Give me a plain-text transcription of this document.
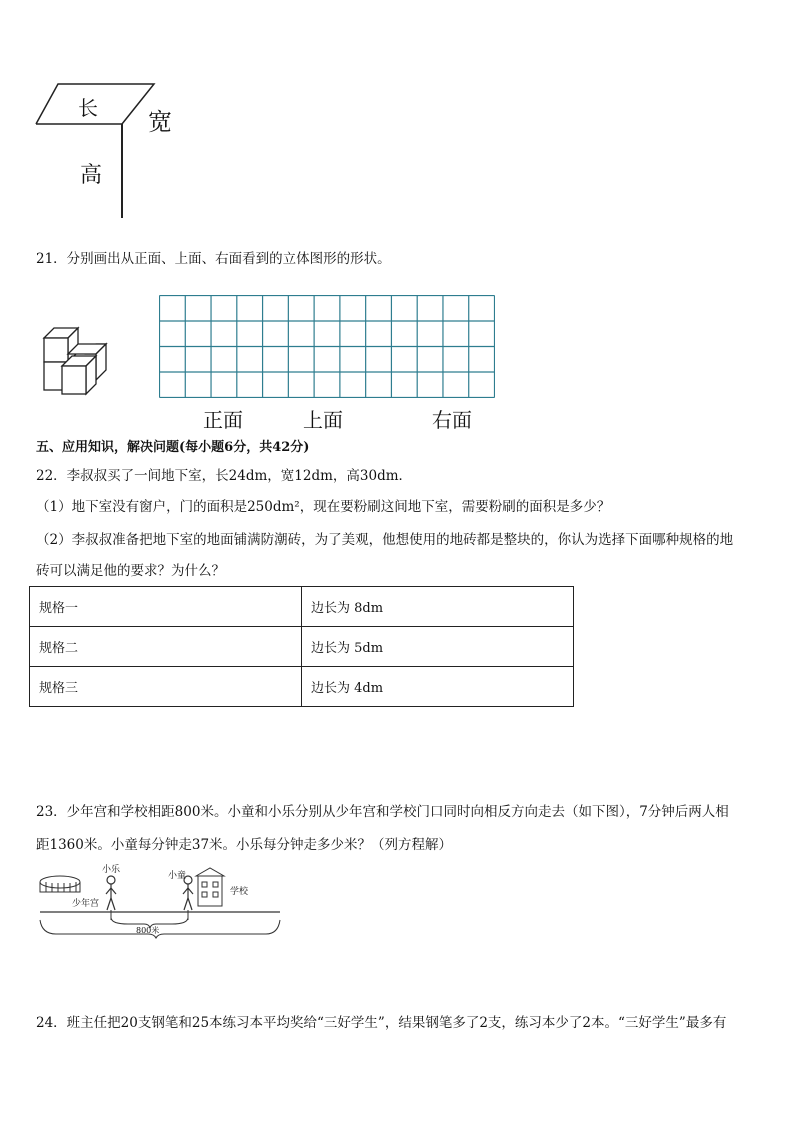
长 宽
高
21．分别画出从正面、上面、右面看到的立体图形的形状。
正面	上面	右面
五、应用知识，解决问题(每小题6分，共42分)
22．李叔叔买了一间地下室，长24dm，宽12dm，高30dm．
（1）地下室没有窗户，门的面积是250dm²，现在要粉刷这间地下室，需要粉刷的面积是多少？
（2）李叔叔准备把地下室的地面铺满防潮砖，为了美观，他想使用的地砖都是整块的，你认为选择下面哪种规格的地
砖可以满足他的要求？为什么？
规格一	边长为 8dm
规格二	边长为 5dm
规格三	边长为 4dm
23．少年宫和学校相距800米。小童和小乐分别从少年宫和学校门口同时向相反方向走去（如下图），7分钟后两人相
距1360米。小童每分钟走37米。小乐每分钟走多少米？（列方程解）
小乐
小童
少年宫
学校
800米
24．班主任把20支钢笔和25本练习本平均奖给“三好学生”，结果钢笔多了2支，练习本少了2本。“三好学生”最多有
